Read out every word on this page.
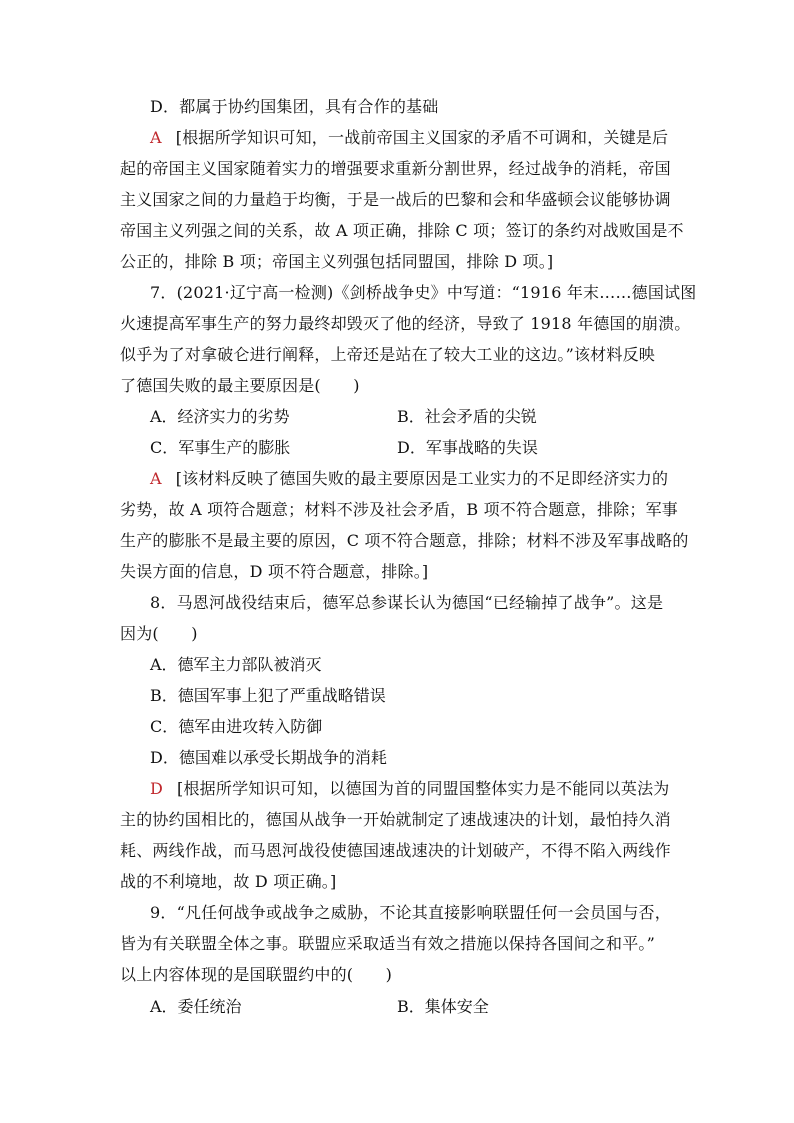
D．都属于协约国集团，具有合作的基础
A [根据所学知识可知，一战前帝国主义国家的矛盾不可调和，关键是后
起的帝国主义国家随着实力的增强要求重新分割世界，经过战争的消耗，帝国
主义国家之间的力量趋于均衡，于是一战后的巴黎和会和华盛顿会议能够协调
帝国主义列强之间的关系，故 A 项正确，排除 C 项；签订的条约对战败国是不
公正的，排除 B 项；帝国主义列强包括同盟国，排除 D 项。]
7．(2021·辽宁高一检测)《剑桥战争史》中写道：“1916 年末……德国试图
火速提高军事生产的努力最终却毁灭了他的经济，导致了 1918 年德国的崩溃。
似乎为了对拿破仑进行阐释，上帝还是站在了较大工业的这边。”该材料反映
了德国失败的最主要原因是(　　)
A．经济实力的劣势	B．社会矛盾的尖锐
C．军事生产的膨胀	D．军事战略的失误
A [该材料反映了德国失败的最主要原因是工业实力的不足即经济实力的
劣势，故 A 项符合题意；材料不涉及社会矛盾，B 项不符合题意，排除；军事
生产的膨胀不是最主要的原因，C 项不符合题意，排除；材料不涉及军事战略的
失误方面的信息，D 项不符合题意，排除。]
8．马恩河战役结束后，德军总参谋长认为德国“已经输掉了战争”。这是
因为(　　)
A．德军主力部队被消灭
B．德国军事上犯了严重战略错误
C．德军由进攻转入防御
D．德国难以承受长期战争的消耗
D [根据所学知识可知，以德国为首的同盟国整体实力是不能同以英法为
主的协约国相比的，德国从战争一开始就制定了速战速决的计划，最怕持久消
耗、两线作战，而马恩河战役使德国速战速决的计划破产，不得不陷入两线作
战的不利境地，故 D 项正确。]
9．“凡任何战争或战争之威胁，不论其直接影响联盟任何一会员国与否，
皆为有关联盟全体之事。联盟应采取适当有效之措施以保持各国间之和平。”
以上内容体现的是国联盟约中的(　　)
A．委任统治	B．集体安全
